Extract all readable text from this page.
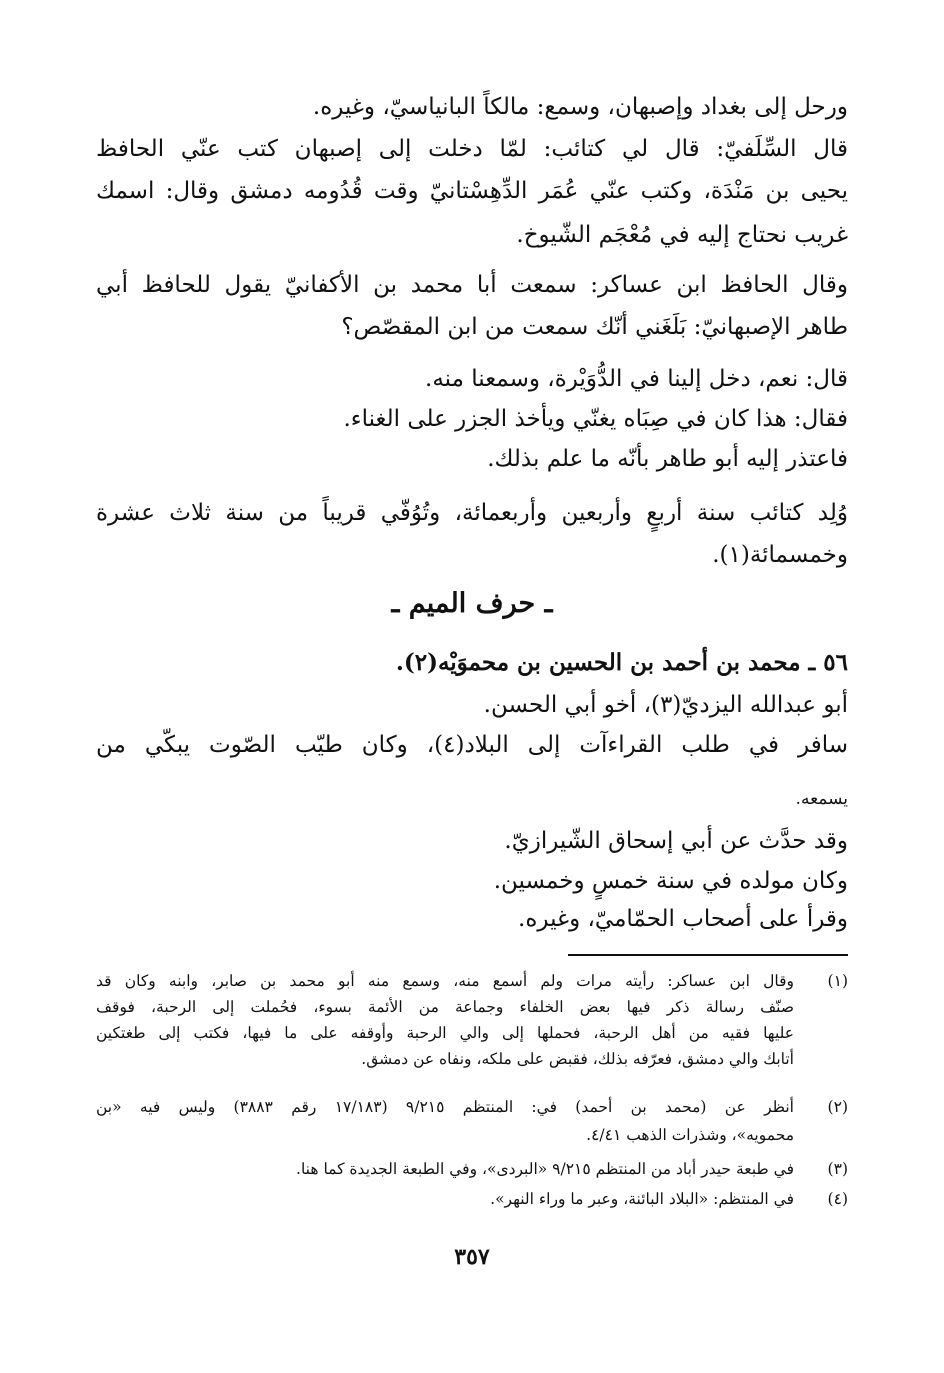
ورحل إلى بغداد وإصبهان، وسمع: مالكاً البانياسيّ، وغيره.
قال السِّلَفيّ: قال لي كتائب: لمّا دخلت إلى إصبهان كتب عنّي الحافظ
يحيى بن مَنْدَة، وكتب عنّي عُمَر الدِّهِسْتانيّ وقت قُدُومه دمشق وقال: اسمك
غريب نحتاج إليه في مُعْجَم الشّيوخ.
وقال الحافظ ابن عساكر: سمعت أبا محمد بن الأكفانيّ يقول للحافظ أبي
طاهر الإصبهانيّ: بَلَغَني أنّك سمعت من ابن المقصّص؟
قال: نعم، دخل إلينا في الدُّوَيْرة، وسمعنا منه.
فقال: هذا كان في صِبَاه يغنّي ويأخذ الجزر على الغناء.
فاعتذر إليه أبو طاهر بأنّه ما علم بذلك.
وُلِد كتائب سنة أربعٍ وأربعين وأربعمائة، وتُوُفّي قريباً من سنة ثلاث عشرة
وخمسمائة(١).
ـ حرف الميم ـ
٥٦ ـ محمد بن أحمد بن الحسين بن محموَيْه(٢).
أبو عبدالله اليزديّ(٣)، أخو أبي الحسن.
سافر في طلب القراءآت إلى البلاد(٤)، وكان طيّب الصّوت يبكّي من
يسمعه.
وقد حدَّث عن أبي إسحاق الشّيرازيّ.
وكان مولده في سنة خمسٍ وخمسين.
وقرأ على أصحاب الحمّاميّ، وغيره.
(١)
وقال ابن عساكر: رأيته مرات ولم أسمع منه، وسمع منه أبو محمد بن صابر، وابنه وكان قد
صنّف رسالة ذكر فيها بعض الخلفاء وجماعة من الأئمة بسوء، فحُملت إلى الرحبة، فوقف
عليها فقيه من أهل الرحبة، فحملها إلى والي الرحبة وأوقفه على ما فيها، فكتب إلى طغتكين
أتابك والي دمشق، فعرّفه بذلك، فقبض على ملكه، ونفاه عن دمشق.
(٢)
أنظر عن (محمد بن أحمد) في: المنتظم ٩/٢١٥ (١٧/١٨٣ رقم ٣٨٨٣) وليس فيه «بن
محمويه»، وشذرات الذهب ٤/٤١.
(٣)
في طبعة حيدر أباد من المنتظم ٩/٢١٥ «البردى»، وفي الطبعة الجديدة كما هنا.
(٤)
في المنتظم: «البلاد البائنة، وعبر ما وراء النهر».
٣٥٧
